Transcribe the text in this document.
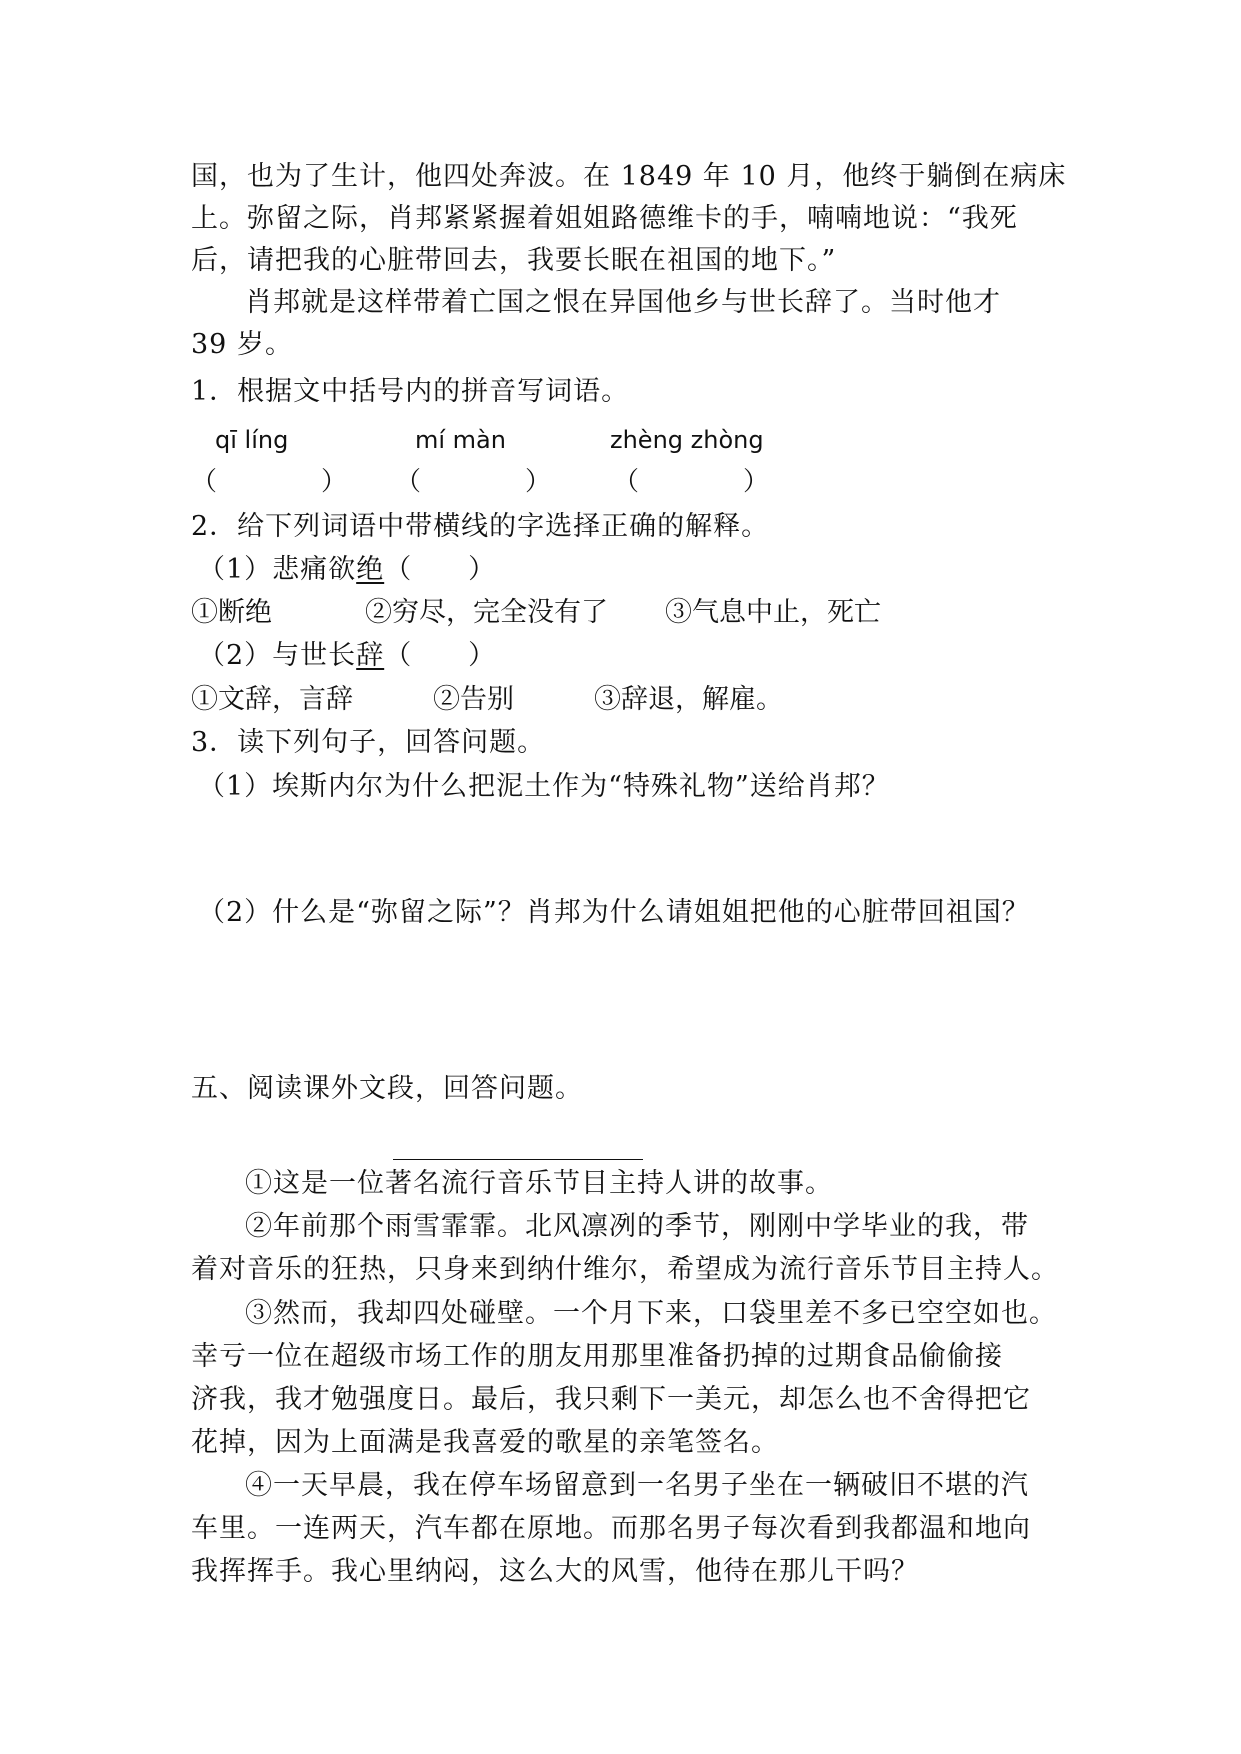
国，也为了生计，他四处奔波。在 1849 年 10 月，他终于躺倒在病床
上。弥留之际，肖邦紧紧握着姐姐路德维卡的手，喃喃地说：“我死
后，请把我的心脏带回去，我要长眠在祖国的地下。”
肖邦就是这样带着亡国之恨在异国他乡与世长辞了。当时他才
39 岁。
1．根据文中括号内的拼音写词语。
qī líng	mí màn	zhèng zhòng
（　　　　） （　　　　） （　　　　）
2．给下列词语中带横线的字选择正确的解释。
（1）悲痛欲绝（　　）
①断绝	②穷尽，完全没有了 ③气息中止，死亡
（2）与世长辞（　　）
①文辞，言辞	②告别	③辞退，解雇。
3．读下列句子，回答问题。
（1）埃斯内尔为什么把泥土作为“特殊礼物”送给肖邦？
（2）什么是“弥留之际”？肖邦为什么请姐姐把他的心脏带回祖国？
五、阅读课外文段，回答问题。
①这是一位著名流行音乐节目主持人讲的故事。
②年前那个雨雪霏霏。北风凛冽的季节，刚刚中学毕业的我，带
着对音乐的狂热，只身来到纳什维尔，希望成为流行音乐节目主持人。
③然而，我却四处碰壁。一个月下来，口袋里差不多已空空如也。
幸亏一位在超级市场工作的朋友用那里准备扔掉的过期食品偷偷接
济我，我才勉强度日。最后，我只剩下一美元，却怎么也不舍得把它
花掉，因为上面满是我喜爱的歌星的亲笔签名。
④一天早晨，我在停车场留意到一名男子坐在一辆破旧不堪的汽
车里。一连两天，汽车都在原地。而那名男子每次看到我都温和地向
我挥挥手。我心里纳闷，这么大的风雪，他待在那儿干吗？
